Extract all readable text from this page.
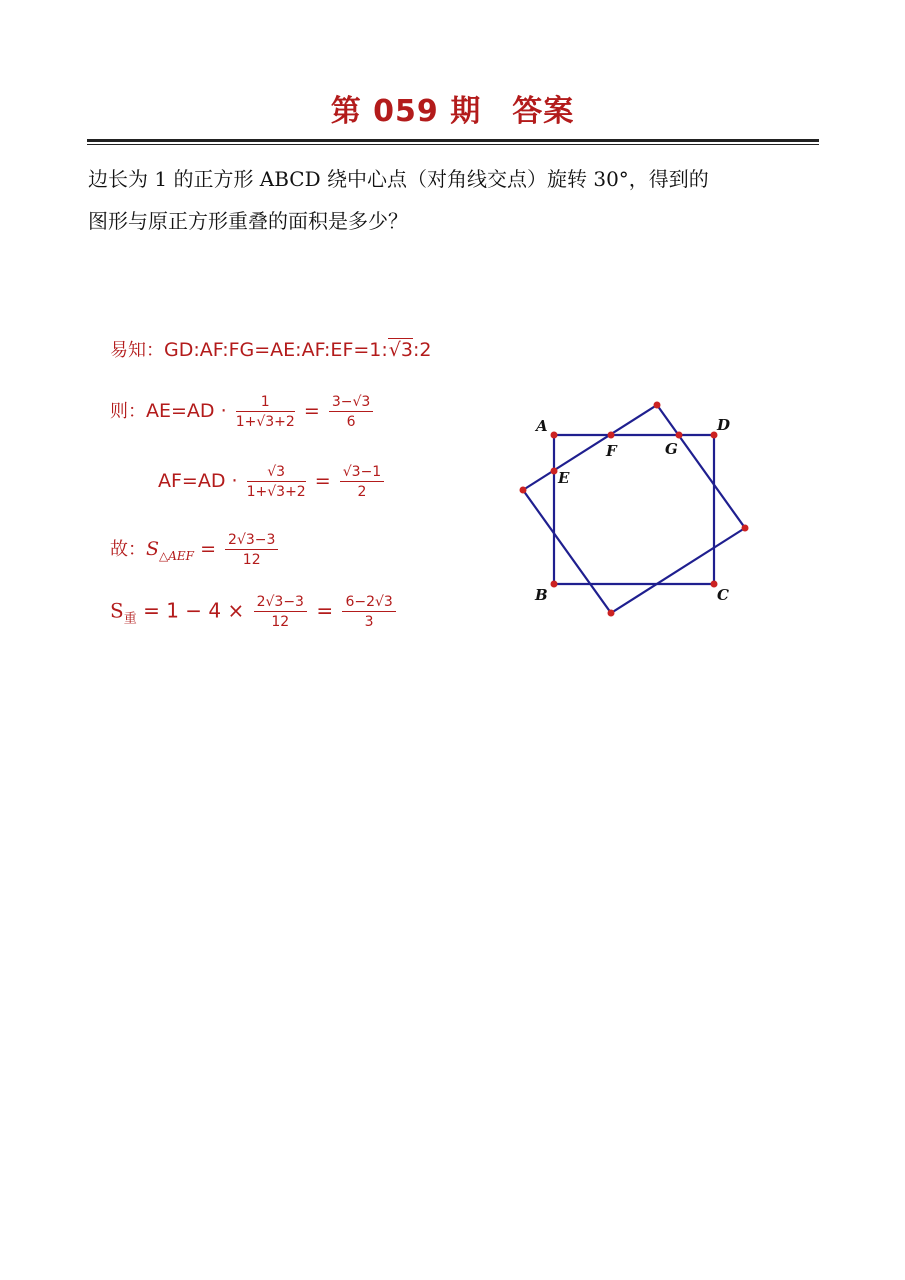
第 059 期　答案
边长为 1 的正方形 ABCD 绕中心点（对角线交点）旋转 30°，得到的
图形与原正方形重叠的面积是多少？
易知：GD:AF:FG=AE:AF:EF=1:√3:2
则：$AE=AD \cdot \frac{1}{1+√3+2} = \frac{3-√3}{6}$
$AF=AD \cdot \frac{√3}{1+√3+2} = \frac{√3-1}{2}$
故：$S_{\triangle AEF} = \frac{2√3-3}{12}$
$S_重 = 1 - 4 \times \frac{2√3-3}{12} = \frac{6-2√3}{3}$
A	D
B	C
E
F	G
